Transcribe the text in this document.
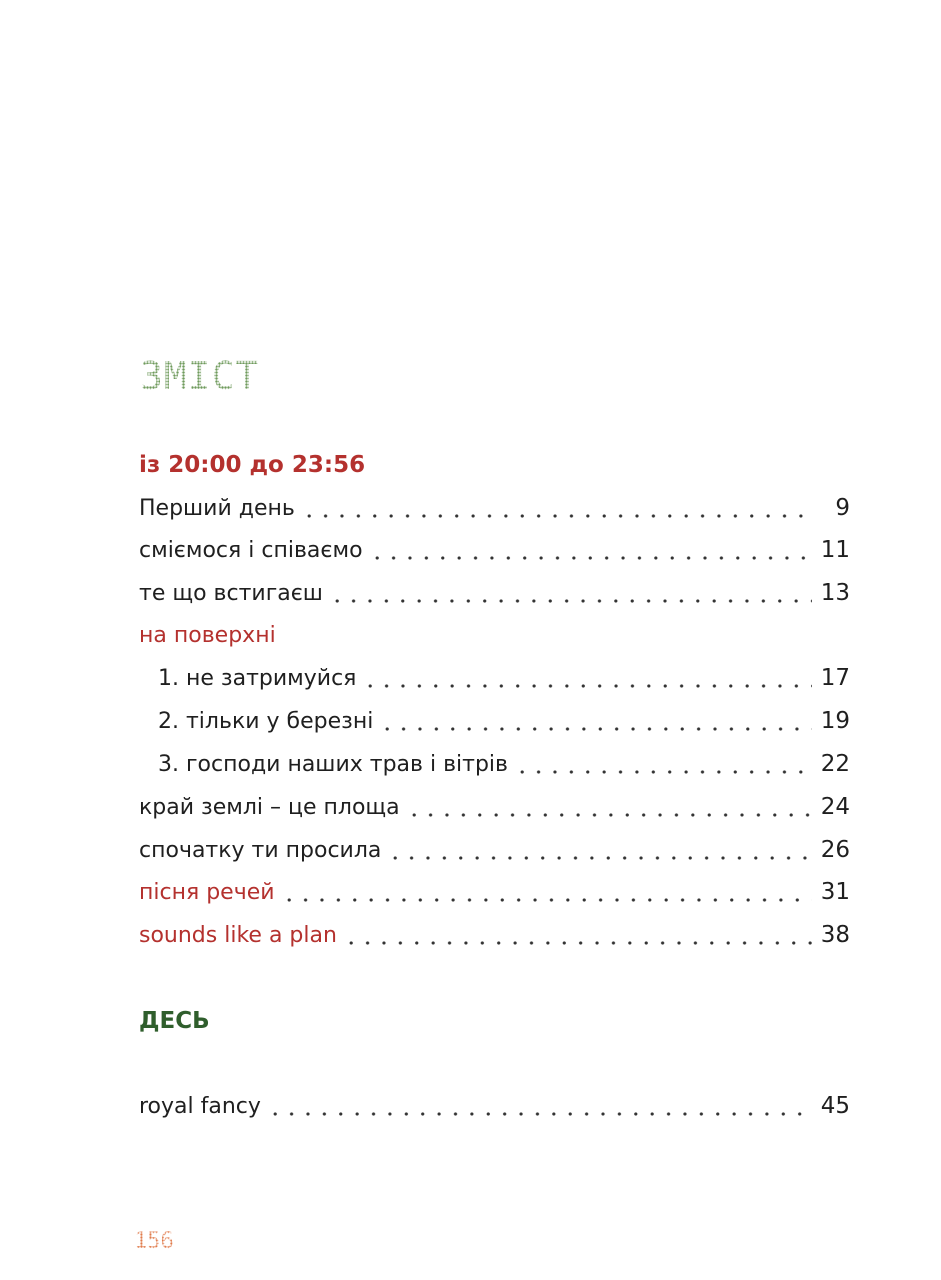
ЗМІСТ
із 20:00 до 23:56
Перший день	9
сміємося і співаємо	11
те що встигаєш	13
на поверхні
1. не затримуйся	17
2. тільки у березні	19
3. господи наших трав і вітрів	22
край землі – це площа	24
спочатку ти просила	26
пісня речей	31
sounds like a plan	38
ДЕСЬ
royal fancy	45
156
